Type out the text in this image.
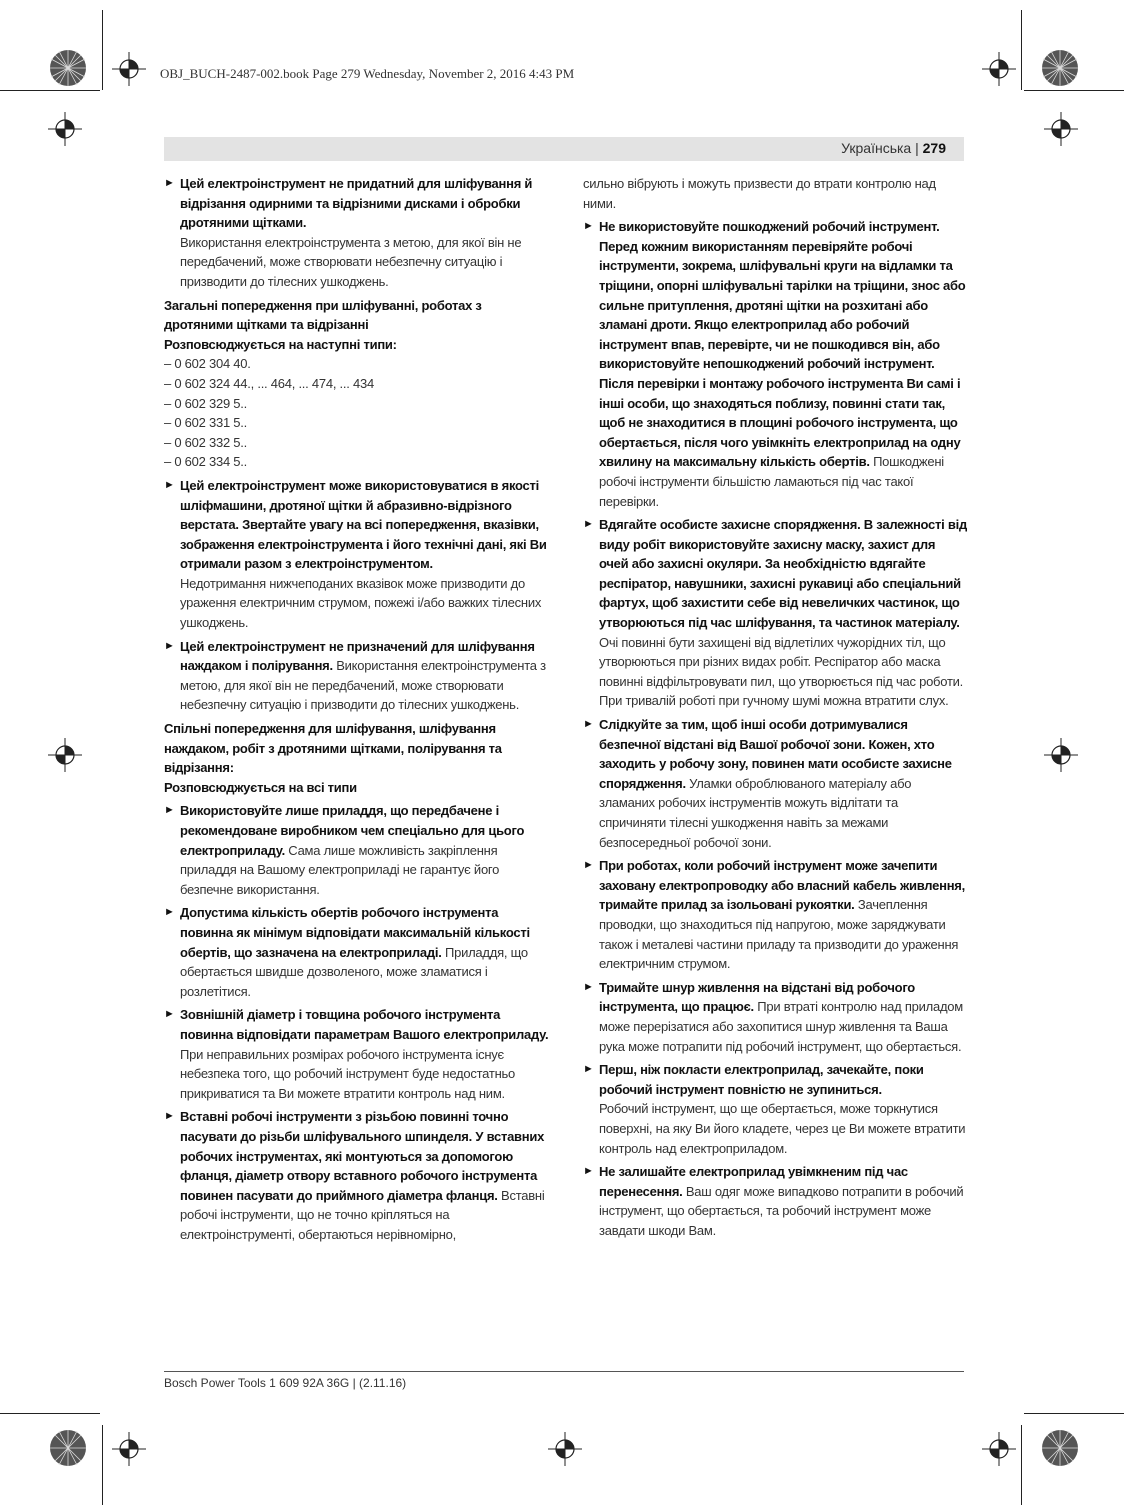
OBJ_BUCH-2487-002.book Page 279 Wednesday, November 2, 2016 4:43 PM
Українська | 279
► Цей електроінструмент не придатний для шліфування й відрізання одирними та відрізними дисками і обробки дротяними щітками.
Використання електроінструмента з метою, для якої він не передбачений, може створювати небезпечну ситуацію і призводити до тілесних ушкоджень.

Загальні попередження при шліфуванні, роботах з дротяними щітками та відрізанні

Розповсюджується на наступні типи:

– 0 602 304 40.
– 0 602 324 44., ... 464, ... 474, ... 434
– 0 602 329 5..
– 0 602 331 5..
– 0 602 332 5..
– 0 602 334 5..
► Цей електроінструмент може використовуватися в якості шліфмашини, дротяної щітки й абразивно-відрізного верстата. Звертайте увагу на всі попередження, вказівки, зображення електроінструмента і його технічні дані, які Ви отримали разом з електроінструментом.
Недотримання нижчеподаних вказівок може призводити до ураження електричним струмом, пожежі і/або важких тілесних ушкоджень.
► Цей електроінструмент не призначений для шліфування наждаком і полірування. Використання електроінструмента з метою, для якої він не передбачений, може створювати небезпечну ситуацію і призводити до тілесних ушкоджень.

Спільні попередження для шліфування, шліфування наждаком, робіт з дротяними щітками, полірування та відрізання:

Розповсюджується на всі типи

► Використовуйте лише приладдя, що передбачене і рекомендоване виробником чем спеціально для цього електроприладу. Сама лише можливість закріплення приладдя на Вашому електроприладі не гарантує його безпечне використання.
► Допустима кількість обертів робочого інструмента повинна як мінімум відповідати максимальній кількості обертів, що зазначена на електроприладі. Приладдя, що обертається швидше дозволеного, може зламатися і розлетітися.
► Зовнішній діаметр і товщина робочого інструмента повинна відповідати параметрам Вашого електроприладу. При неправильних розмірах робочого інструмента існує небезпека того, що робочий інструмент буде недостатньо прикриватися та Ви можете втратити контроль над ним.
► Вставні робочі інструменти з різьбою повинні точно пасувати до різьби шліфувального шпинделя. У вставних робочих інструментах, які монтуються за допомогою фланця, діаметр отвору вставного робочого інструмента повинен пасувати до приймного діаметра фланця. Вставні робочі інструменти, що не точно кріпляться на електроінструменті, обертаються нерівномірно,

сильно вібрують і можуть призвести до втрати контролю над ними.

► Не використовуйте пошкоджений робочий інструмент. Перед кожним використанням перевіряйте робочі інструменти, зокрема, шліфувальні круги на відламки та тріщини, опорні шліфувальні тарілки на тріщини, знос або сильне притуплення, дротяні щітки на розхитані або зламані дроти. Якщо електроприлад або робочий інструмент впав, перевірте, чи не пошкодився він, або використовуйте непошкоджений робочий інструмент. Після перевірки і монтажу робочого інструмента Ви самі і інші особи, що знаходяться поблизу, повинні стати так, щоб не знаходитися в площині робочого інструмента, що обертається, після чого увімкніть електроприлад на одну хвилину на максимальну кількість обертів. Пошкоджені робочі інструменти більшістю ламаються під час такої перевірки.
► Вдягайте особисте захисне спорядження. В залежності від виду робіт використовуйте захисну маску, захист для очей або захисні окуляри. За необхідністю вдягайте респіратор, навушники, захисні рукавиці або спеціальний фартух, щоб захистити себе від невеличких частинок, що утворюються під час шліфування, та частинок матеріалу. Очі повинні бути захищені від відлетілих чужорідних тіл, що утворюються при різних видах робіт. Респіратор або маска повинні відфільтровувати пил, що утворюється під час роботи. При тривалій роботі при гучному шумі можна втратити слух.
► Слідкуйте за тим, щоб інші особи дотримувалися безпечної відстані від Вашої робочої зони. Кожен, хто заходить у робочу зону, повинен мати особисте захисне спорядження. Уламки оброблюваного матеріалу або зламаних робочих інструментів можуть відлітати та спричиняти тілесні ушкодження навіть за межами безпосередньої робочої зони.
► При роботах, коли робочий інструмент може зачепити заховану електропроводку або власний кабель живлення, тримайте прилад за ізольовані рукоятки. Зачеплення проводки, що знаходиться під напругою, може заряджувати також і металеві частини приладу та призводити до ураження електричним струмом.
► Тримайте шнур живлення на відстані від робочого інструмента, що працює. При втраті контролю над приладом може перерізатися або захопитися шнур живлення та Ваша рука може потрапити під робочий інструмент, що обертається.
► Перш, ніж покласти електроприлад, зачекайте, поки робочий інструмент повністю не зупиниться.
Робочий інструмент, що ще обертається, може торкнутися поверхні, на яку Ви його кладете, через це Ви можете втратити контроль над електроприладом.
► Не залишайте електроприлад увімкненим під час перенесення. Ваш одяг може випадково потрапити в робочий інструмент, що обертається, та робочий інструмент може завдати шкоди Вам.
Bosch Power Tools 1 609 92A 36G | (2.11.16)
